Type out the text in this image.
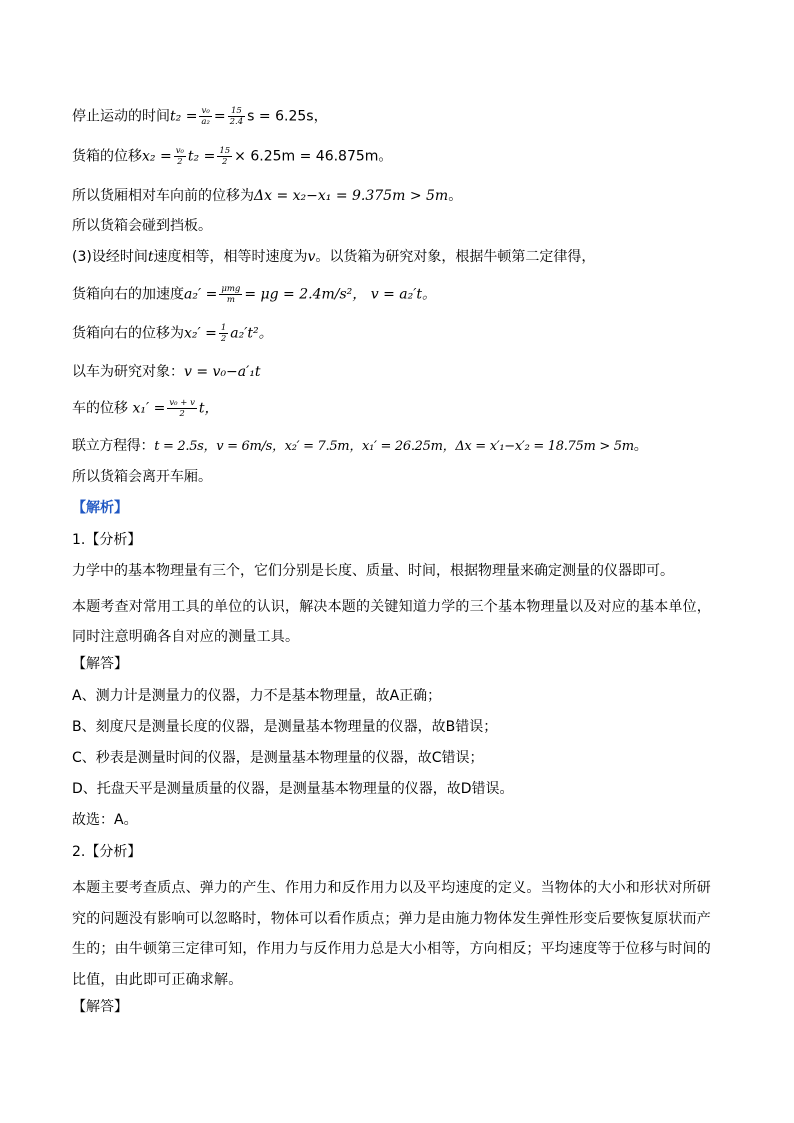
停止运动的时间$t_2 = \frac{\text{v₀}}{\text{a₂}} = \frac{15}{2.4}$ s = 6.25s，
货箱的位移$x_2 = \frac{\text{v₀}}{2} t_2 = \frac{15}{2} \times 6.25m = 46.875m$。
所以货厢相对车向前的位移为Δx = x₂−x₁ = 9.375m > 5m。
所以货箱会碰到挡板。
(3)设经时间t速度相等，相等时速度为v。以货箱为研究对象，根据牛顿第二定律得，
货箱向右的加速度$a_2' = \frac{\text{μmg}}{m} = \mu g = 2.4m/s^2$， v = a₂′t。
货箱向右的位移为$x_2' = \frac{1}{2} a_2't^2$。
以车为研究对象：v = v₀−a′₁t
车的位移 $x_1' = \frac{\text{v₀ + v}}{2}$ t，
联立方程得：t = 2.5s，v = 6m/s，x₂′ = 7.5m，x₁′ = 26.25m，Δx = x′₁−x′₂ = 18.75m > 5m。
所以货箱会离开车厢。
【解析】
1.【分析】
力学中的基本物理量有三个，它们分别是长度、质量、时间，根据物理量来确定测量的仪器即可。
本题考查对常用工具的单位的认识，解决本题的关键知道力学的三个基本物理量以及对应的基本单位，同时注意明确各自对应的测量工具。
【解答】
A、测力计是测量力的仪器，力不是基本物理量，故A正确；
B、刻度尺是测量长度的仪器，是测量基本物理量的仪器，故B错误；
C、秒表是测量时间的仪器，是测量基本物理量的仪器，故C错误；
D、托盘天平是测量质量的仪器，是测量基本物理量的仪器，故D错误。
故选：A。
2.【分析】
本题主要考查质点、弹力的产生、作用力和反作用力以及平均速度的定义。当物体的大小和形状对所研究的问题没有影响可以忽略时，物体可以看作质点；弹力是由施力物体发生弹性形变后要恢复原状而产生的；由牛顿第三定律可知，作用力与反作用力总是大小相等，方向相反；平均速度等于位移与时间的比值，由此即可正确求解。
【解答】
